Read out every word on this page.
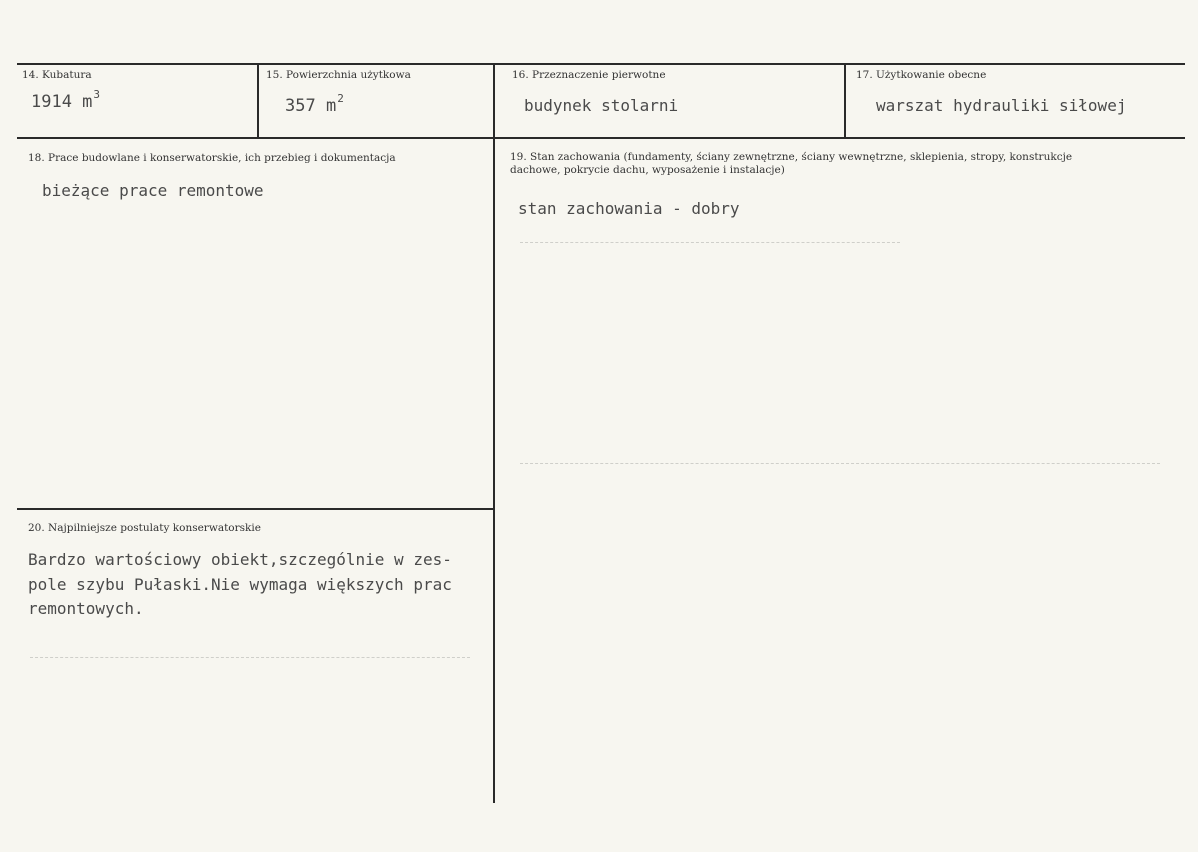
14. Kubatura
1914 $m^3$
15. Powierzchnia użytkowa
357 $m^2$
16. Przeznaczenie pierwotne
budynek stolarni
17. Użytkowanie obecne
warszat hydrauliki siłowej
18. Prace budowlane i konserwatorskie, ich przebieg i dokumentacja
bieżące prace remontowe
19. Stan zachowania (fundamenty, ściany zewnętrzne, ściany wewnętrzne, sklepienia, stropy, konstrukcje dachowe, pokrycie dachu, wyposażenie i instalacje)
stan zachowania - dobry
20. Najpilniejsze postulaty konserwatorskie
Bardzo wartościowy obiekt,szczególnie w zes-pole szybu Pułaski.Nie wymaga większych prac remontowych.
